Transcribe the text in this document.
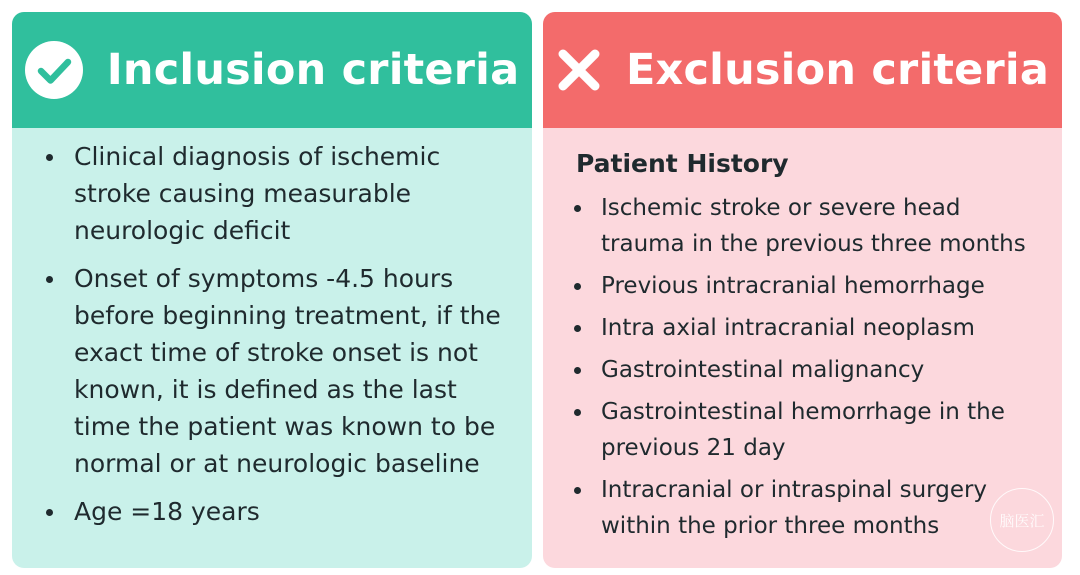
Inclusion criteria
Clinical diagnosis of ischemic stroke causing measurable neurologic deficit
Onset of symptoms -4.5 hours before beginning treatment, if the exact time of stroke onset is not known, it is defined as the last time the patient was known to be normal or at neurologic baseline
Age =18 years
Exclusion criteria
Patient History
Ischemic stroke or severe head trauma in the previous three months
Previous intracranial hemorrhage
Intra axial intracranial neoplasm
Gastrointestinal malignancy
Gastrointestinal hemorrhage in the previous 21 day
Intracranial or intraspinal surgery within the prior three months	脑医汇
